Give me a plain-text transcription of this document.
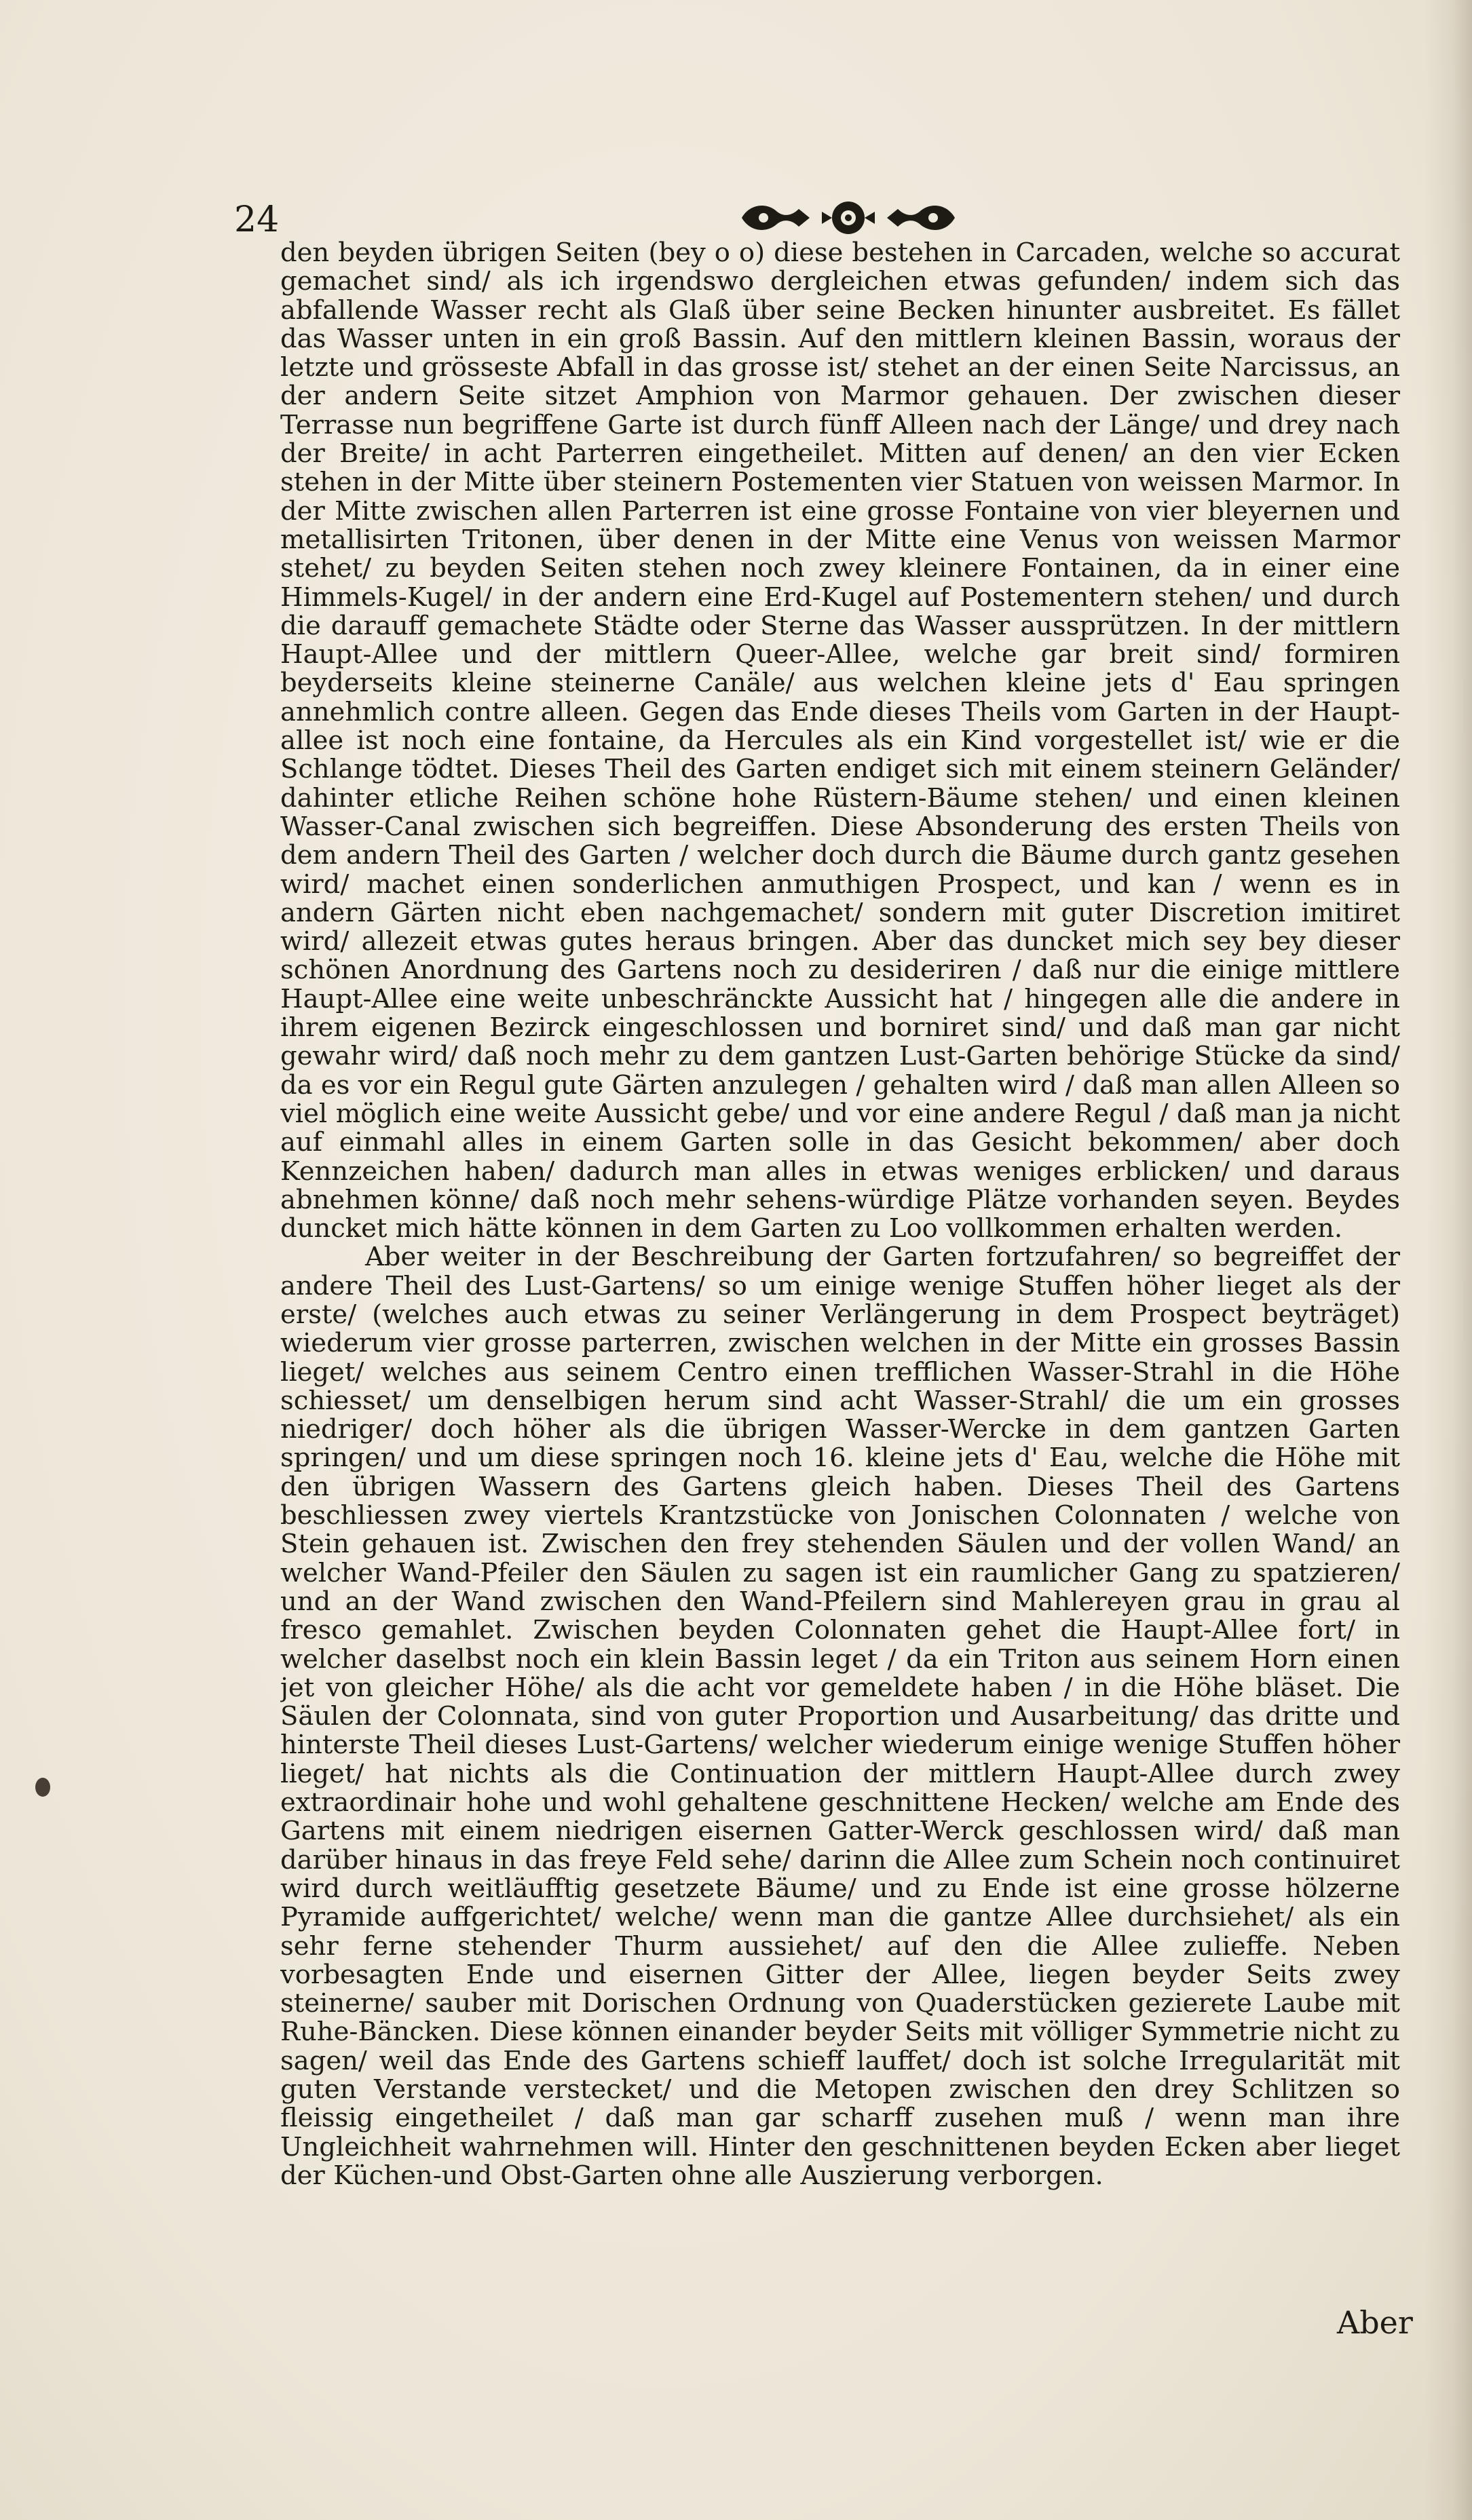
24

den beyden übrigen Seiten (bey o o) diese bestehen in Carcaden, welche so accurat gemachet sind/ als ich irgendswo dergleichen etwas gefunden/ indem sich das abfallende Wasser recht als Glaß über seine Becken hinunter ausbreitet. Es fället das Wasser unten in ein groß Bassin. Auf den mittlern kleinen Bassin, woraus der letzte und grösseste Abfall in das grosse ist/ stehet an der einen Seite Narcissus, an der andern Seite sitzet Amphion von Marmor gehauen. Der zwischen dieser Terrasse nun begriffene Garte ist durch fünff Alleen nach der Länge/ und drey nach der Breite/ in acht Parterren eingetheilet. Mitten auf denen/ an den vier Ecken stehen in der Mitte über steinern Postementen vier Statuen von weissen Marmor. In der Mitte zwischen allen Parterren ist eine grosse Fontaine von vier bleyernen und metallisirten Tritonen, über denen in der Mitte eine Venus von weissen Marmor stehet/ zu beyden Seiten stehen noch zwey kleinere Fontainen, da in einer eine Himmels-Kugel/ in der andern eine Erd-Kugel auf Postementern stehen/ und durch die darauff gemachete Städte oder Sterne das Wasser aussprützen. In der mittlern Haupt-Allee und der mittlern Queer-Allee, welche gar breit sind/ formiren beyderseits kleine steinerne Canäle/ aus welchen kleine jets d' Eau springen annehmlich contre alleen. Gegen das Ende dieses Theils vom Garten in der Haupt-allee ist noch eine fontaine, da Hercules als ein Kind vorgestellet ist/ wie er die Schlange tödtet. Dieses Theil des Garten endiget sich mit einem steinern Geländer/ dahinter etliche Reihen schöne hohe Rüstern-Bäume stehen/ und einen kleinen Wasser-Canal zwischen sich begreiffen. Diese Absonderung des ersten Theils von dem andern Theil des Garten / welcher doch durch die Bäume durch gantz gesehen wird/ machet einen sonderlichen anmuthigen Prospect, und kan / wenn es in andern Gärten nicht eben nachgemachet/ sondern mit guter Discretion imitiret wird/ allezeit etwas gutes heraus bringen. Aber das duncket mich sey bey dieser schönen Anordnung des Gartens noch zu desideriren / daß nur die einige mittlere Haupt-Allee eine weite unbeschränckte Aussicht hat / hingegen alle die andere in ihrem eigenen Bezirck eingeschlossen und borniret sind/ und daß man gar nicht gewahr wird/ daß noch mehr zu dem gantzen Lust-Garten behörige Stücke da sind/ da es vor ein Regul gute Gärten anzulegen / gehalten wird / daß man allen Alleen so viel möglich eine weite Aussicht gebe/ und vor eine andere Regul / daß man ja nicht auf einmahl alles in einem Garten solle in das Gesicht bekommen/ aber doch Kennzeichen haben/ dadurch man alles in etwas weniges erblicken/ und daraus abnehmen könne/ daß noch mehr sehens-würdige Plätze vorhanden seyen. Beydes duncket mich hätte können in dem Garten zu Loo vollkommen erhalten werden.

Aber weiter in der Beschreibung der Garten fortzufahren/ so begreiffet der andere Theil des Lust-Gartens/ so um einige wenige Stuffen höher lieget als der erste/ (welches auch etwas zu seiner Verlängerung in dem Prospect beyträget) wiederum vier grosse parterren, zwischen welchen in der Mitte ein grosses Bassin lieget/ welches aus seinem Centro einen trefflichen Wasser-Strahl in die Höhe schiesset/ um denselbigen herum sind acht Wasser-Strahl/ die um ein grosses niedriger/ doch höher als die übrigen Wasser-Wercke in dem gantzen Garten springen/ und um diese springen noch 16. kleine jets d' Eau, welche die Höhe mit den übrigen Wassern des Gartens gleich haben. Dieses Theil des Gartens beschliessen zwey viertels Krantzstücke von Jonischen Colonnaten / welche von Stein gehauen ist. Zwischen den frey stehenden Säulen und der vollen Wand/ an welcher Wand-Pfeiler den Säulen zu sagen ist ein raumlicher Gang zu spatzieren/ und an der Wand zwischen den Wand-Pfeilern sind Mahlereyen grau in grau al fresco gemahlet. Zwischen beyden Colonnaten gehet die Haupt-Allee fort/ in welcher daselbst noch ein klein Bassin leget / da ein Triton aus seinem Horn einen jet von gleicher Höhe/ als die acht vor gemeldete haben / in die Höhe bläset. Die Säulen der Colonnata, sind von guter Proportion und Ausarbeitung/ das dritte und hinterste Theil dieses Lust-Gartens/ welcher wiederum einige wenige Stuffen höher lieget/ hat nichts als die Continuation der mittlern Haupt-Allee durch zwey extraordinair hohe und wohl gehaltene geschnittene Hecken/ welche am Ende des Gartens mit einem niedrigen eisernen Gatter-Werck geschlossen wird/ daß man darüber hinaus in das freye Feld sehe/ darinn die Allee zum Schein noch continuiret wird durch weitläufftig gesetzete Bäume/ und zu Ende ist eine grosse hölzerne Pyramide auffgerichtet/ welche/ wenn man die gantze Allee durchsiehet/ als ein sehr ferne stehender Thurm aussiehet/ auf den die Allee zulieffe. Neben vorbesagten Ende und eisernen Gitter der Allee, liegen beyder Seits zwey steinerne/ sauber mit Dorischen Ordnung von Quaderstücken gezierete Laube mit Ruhe-Bäncken. Diese können einander beyder Seits mit völliger Symmetrie nicht zu sagen/ weil das Ende des Gartens schieff lauffet/ doch ist solche Irregularität mit guten Verstande verstecket/ und die Metopen zwischen den drey Schlitzen so fleissig eingetheilet / daß man gar scharff zusehen muß / wenn man ihre Ungleichheit wahrnehmen will. Hinter den geschnittenen beyden Ecken aber lieget der Küchen-und Obst-Garten ohne alle Auszierung verborgen.

Aber
